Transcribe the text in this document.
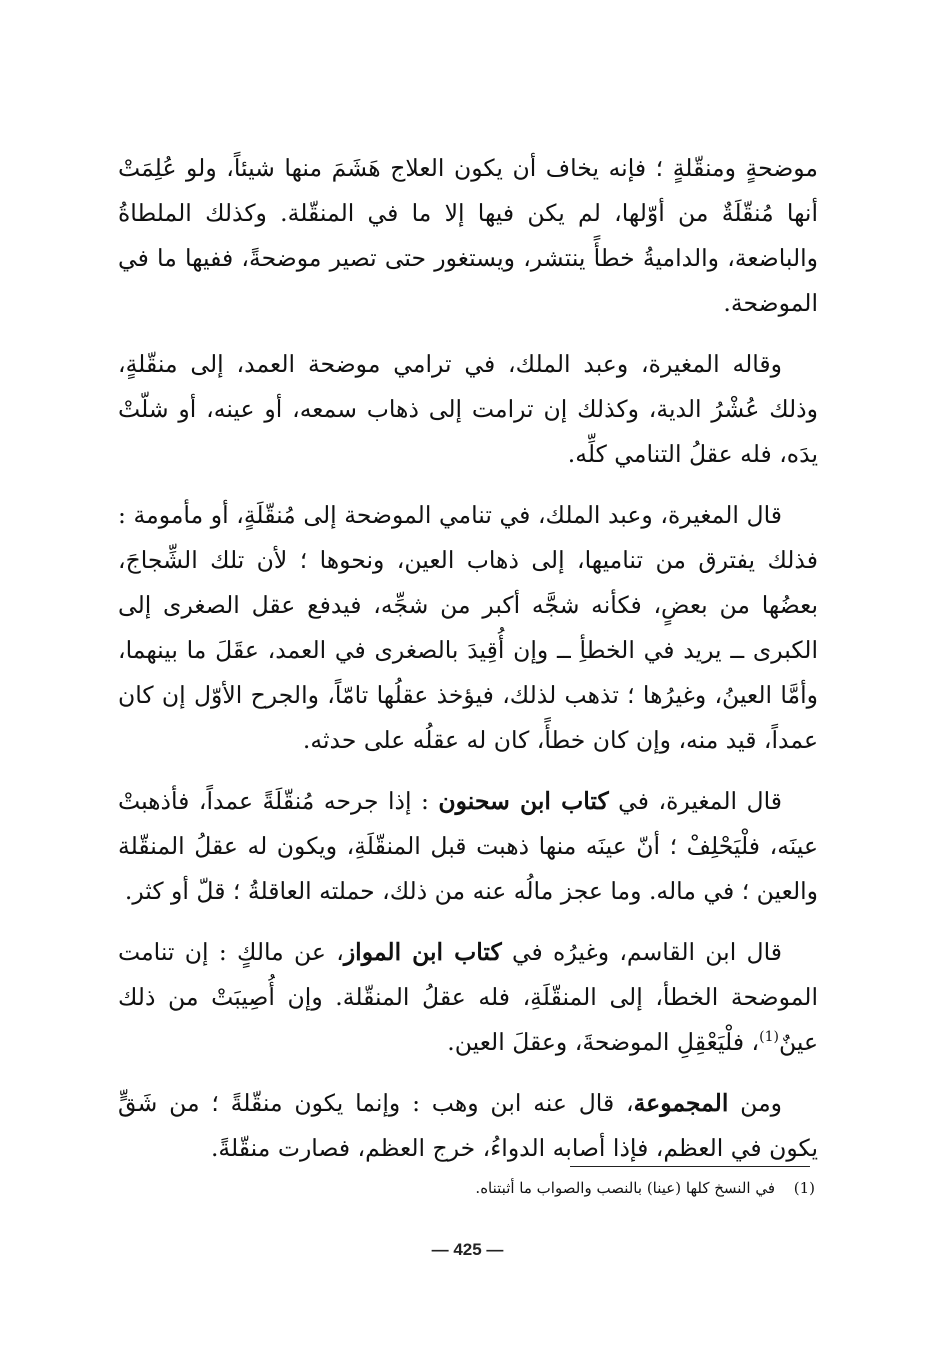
موضحةٍ ومنقّلةٍ ؛ فإنه يخاف أن يكون العلاج هَشَمَ منها شيئاً، ولو عُلِمَتْ أنها مُنقّلَةٌ من أوّلها، لم يكن فيها إلا ما في المنقّلة. وكذلك الملطاةُ والباضعة، والداميةُ خطأً ينتشر، ويستغور حتى تصير موضحةً، ففيها ما في الموضحة.

وقاله المغيرة، وعبد الملك، في ترامي موضحة العمد، إلى منقّلةٍ، وذلك عُشْرُ الدية، وكذلك إن ترامت إلى ذهاب سمعه، أو عينه، أو شلّتْ يدَه، فله عقلُ التنامي كلِّه.

قال المغيرة، وعبد الملك، في تنامي الموضحة إلى مُنقّلَةٍ، أو مأمومة : فذلك يفترق من تناميها، إلى ذهاب العين، ونحوها ؛ لأن تلك الشِّجاجَ، بعضُها من بعضٍ، فكأنه شجَّه أكبر من شجِّه، فيدفع عقل الصغرى إلى الكبرى ــ يريد في الخطأِ ــ وإن أُقِيدَ بالصغرى في العمد، عقَلَ ما بينهما، وأمَّا العينُ، وغيرُها ؛ تذهب لذلك، فيؤخذ عقلُها تامّاً، والجرح الأوّل إن كان عمداً، قيد منه، وإن كان خطأً، كان له عقلُه على حدثه.

قال المغيرة، في كتاب ابن سحنون : إذا جرحه مُنقّلَةً عمداً، فأذهبتْ عينَه، فلْيَحْلِفْ ؛ أنّ عينَه منها ذهبت قبل المنقّلَةِ، ويكون له عقلُ المنقّلة والعين ؛ في ماله. وما عجز مالُه عنه من ذلك، حملته العاقلةُ ؛ قلّ أو كثر.

قال ابن القاسم، وغيرُه في كتاب ابن المواز، عن مالكٍ : إن تنامت الموضحة الخطأ، إلى المنقّلَةِ، فله عقلُ المنقّلة. وإن أُصِيبَتْ من ذلك عينٌ$^{(1)}$، فلْيَعْقِلِ الموضحةَ، وعقلَ العين.

ومن المجموعة، قال عنه ابن وهب : وإنما يكون منقّلةً ؛ من شَقٍّ يكون في العظم، فإذا أصابه الدواءُ، خرج العظم، فصارت منقّلةً.

(1)في النسخ كلها (عينا) بالنصب والصواب ما أثبتناه.
— 425 —
